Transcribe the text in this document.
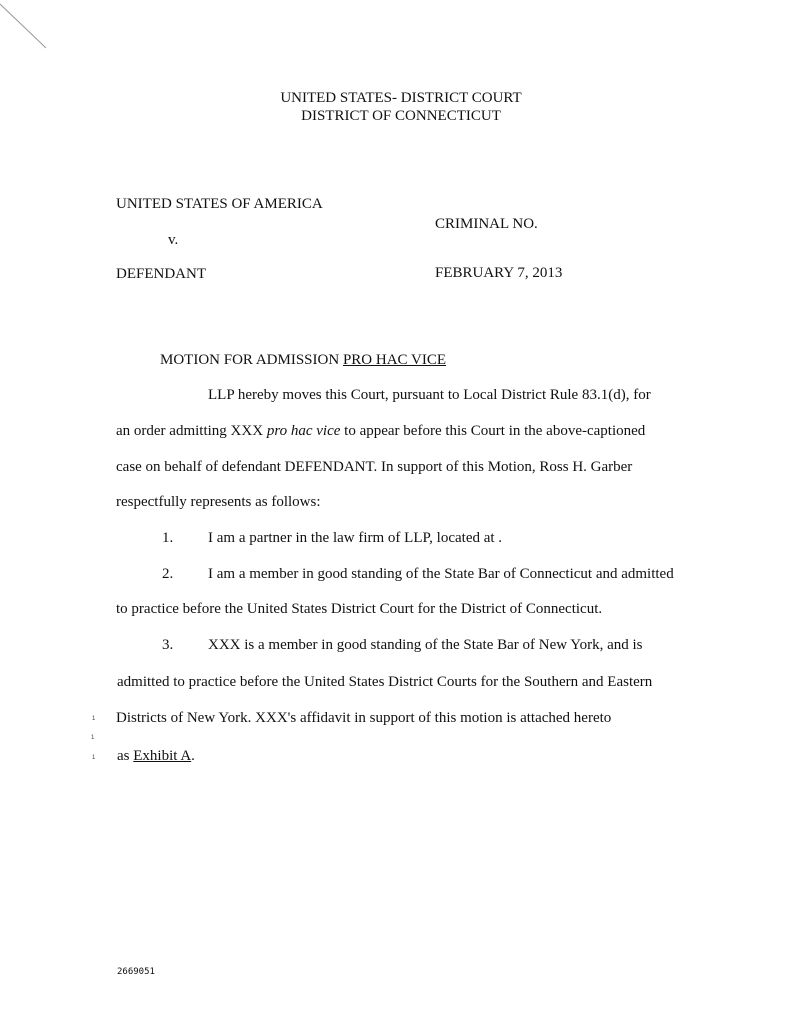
UNITED STATES- DISTRICT COURT
DISTRICT OF CONNECTICUT
UNITED STATES OF AMERICA
v.
DEFENDANT
CRIMINAL NO.
FEBRUARY 7, 2013
MOTION FOR ADMISSION PRO HAC VICE
LLP hereby moves this Court, pursuant to Local District Rule 83.1(d), for
an order admitting XXX pro hac vice to appear before this Court in the above-captioned
case on behalf of defendant DEFENDANT. In support of this Motion, Ross H. Garber
respectfully represents as follows:
1. I am a partner in the law firm of LLP, located at .
2. I am a member in good standing of the State Bar of Connecticut and admitted
to practice before the United States District Court for the District of Connecticut.
3. XXX is a member in good standing of the State Bar of New York, and is
admitted to practice before the United States District Courts for the Southern and Eastern
Districts of New York. XXX's affidavit in support of this motion is attached hereto
as Exhibit A.
1
1
1
2669051
